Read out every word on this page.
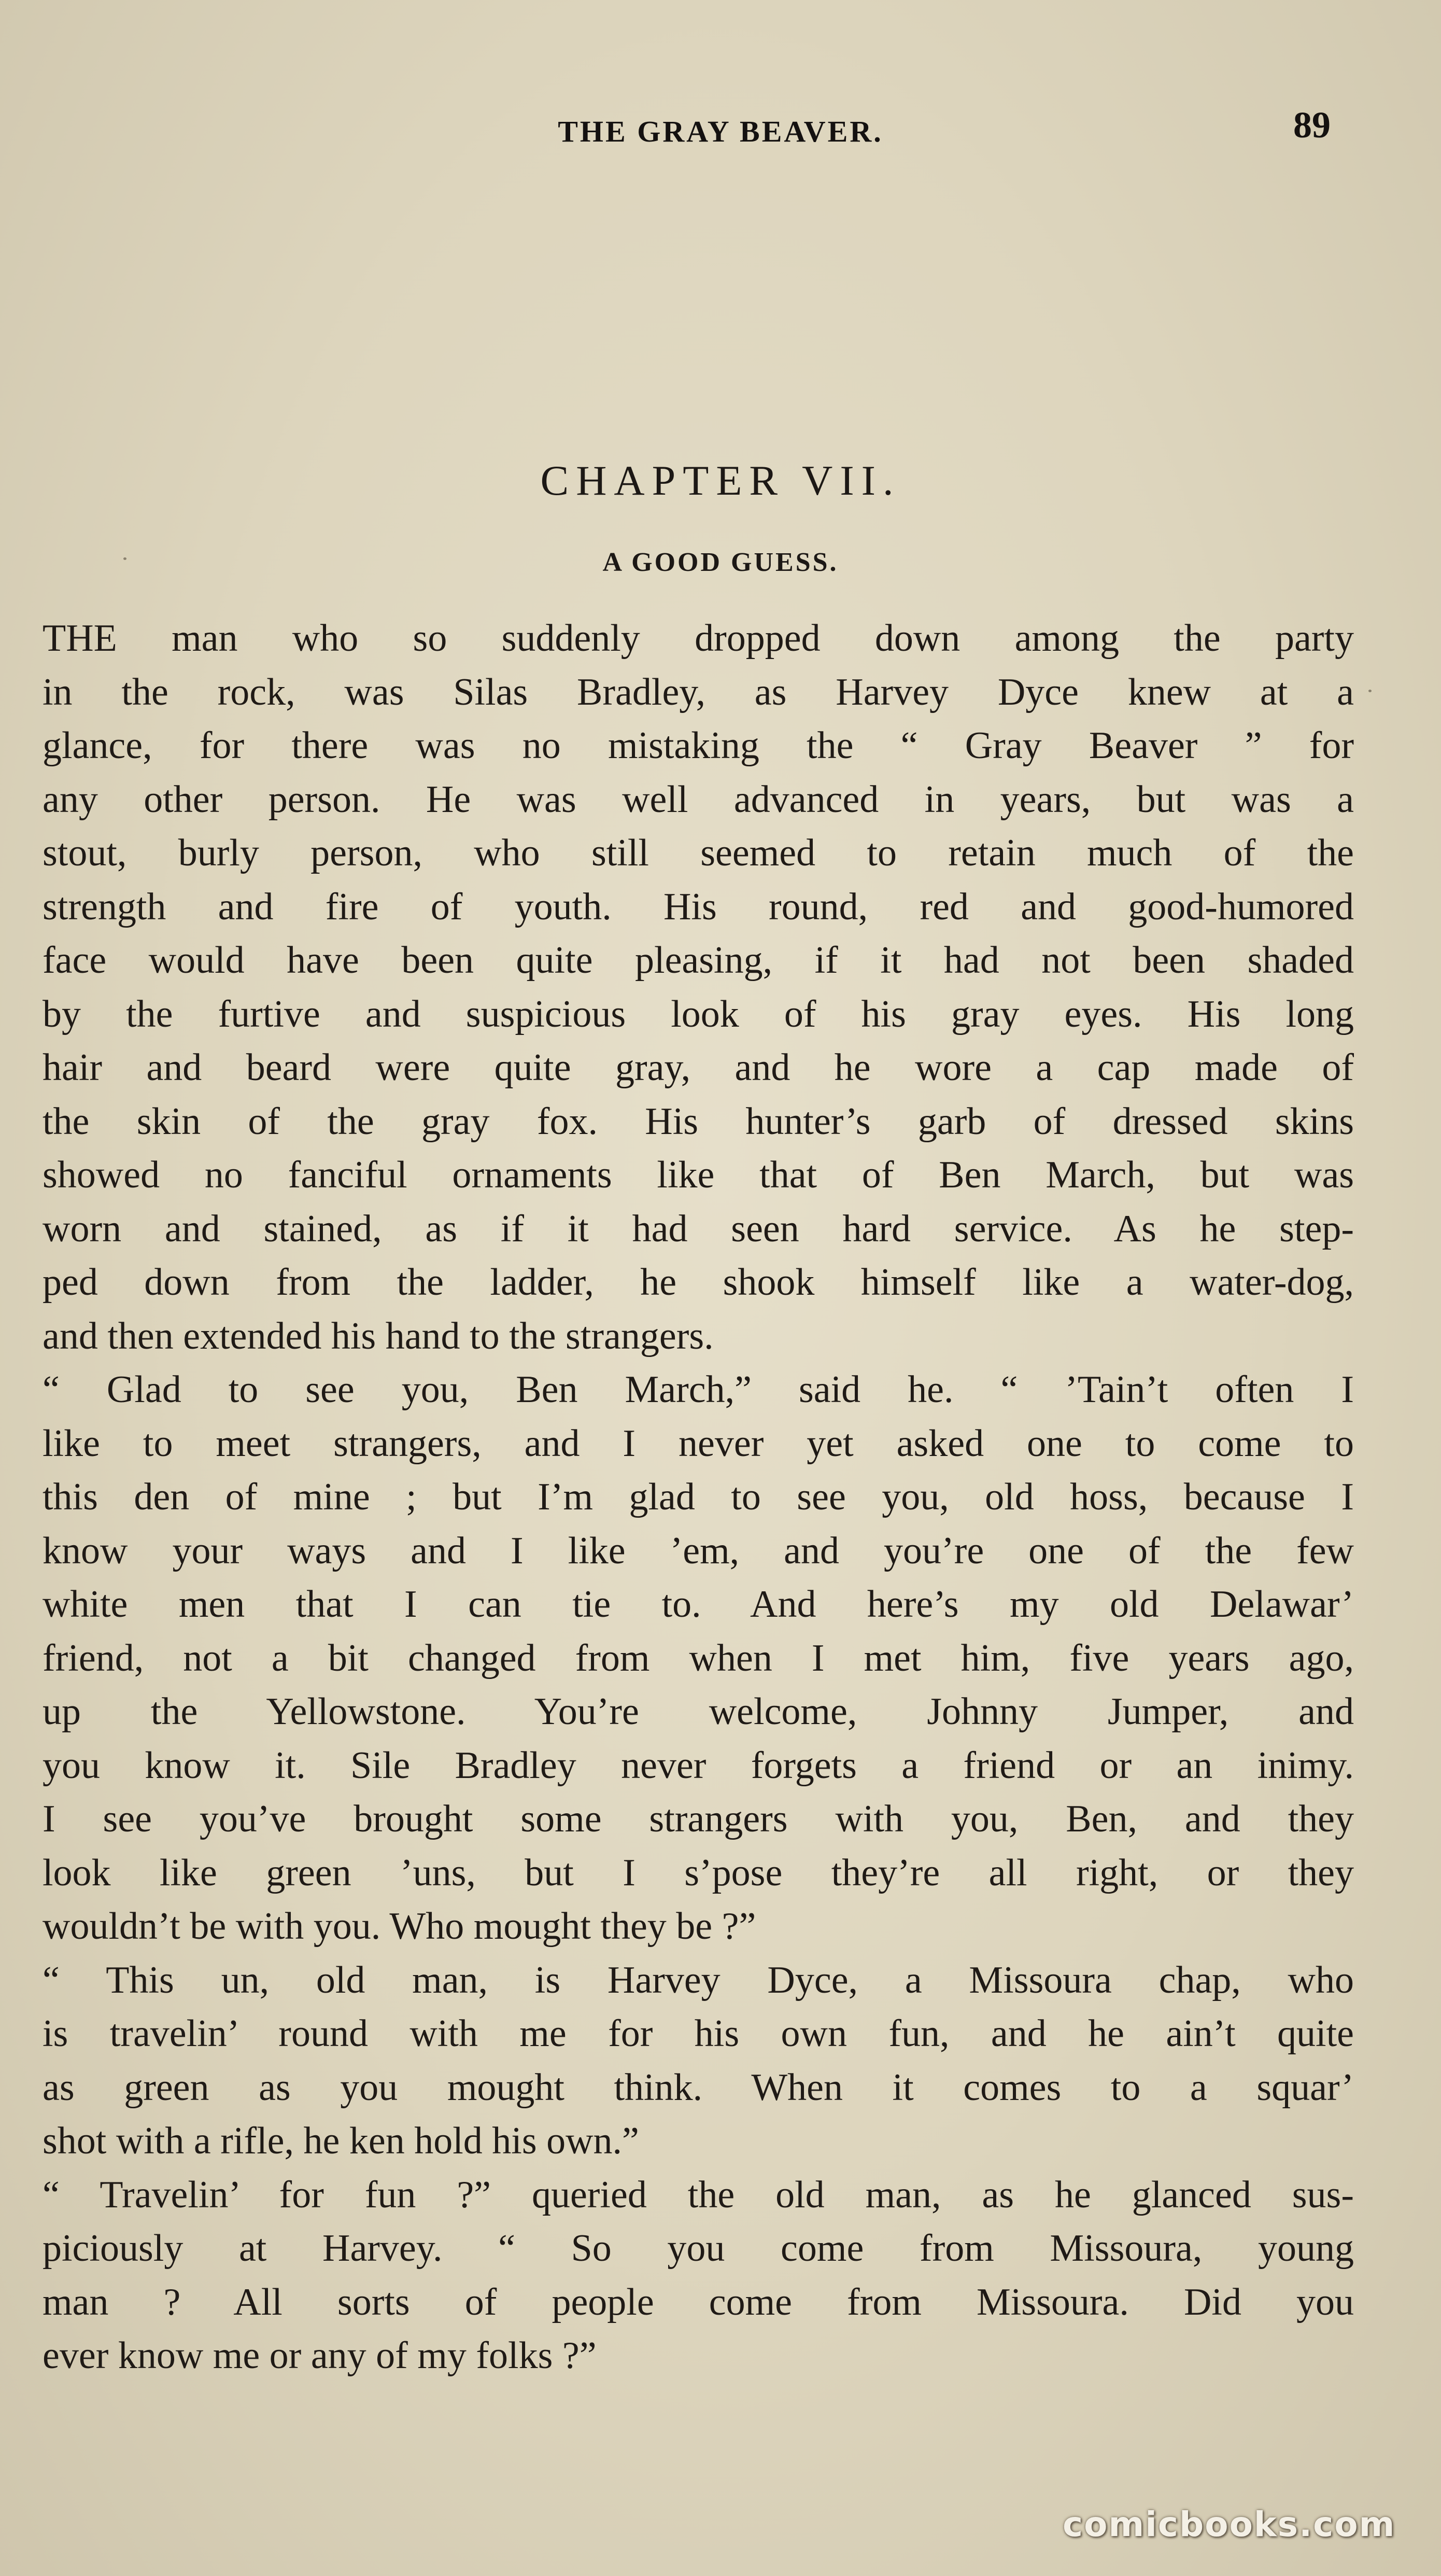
THE GRAY BEAVER.	89
CHAPTER VII.
A GOOD GUESS.
THE man who so suddenly dropped down among the party
in the rock, was Silas Bradley, as Harvey Dyce knew at a
glance, for there was no mistaking the “ Gray Beaver ” for
any other person. He was well advanced in years, but was a
stout, burly person, who still seemed to retain much of the
strength and fire of youth. His round, red and good-humored
face would have been quite pleasing, if it had not been shaded
by the furtive and suspicious look of his gray eyes. His long
hair and beard were quite gray, and he wore a cap made of
the skin of the gray fox. His hunter’s garb of dressed skins
showed no fanciful ornaments like that of Ben March, but was
worn and stained, as if it had seen hard service. As he step-
ped down from the ladder, he shook himself like a water-dog,
and then extended his hand to the strangers.
“ Glad to see you, Ben March,” said he. “ ’Tain’t often I
like to meet strangers, and I never yet asked one to come to
this den of mine ; but I’m glad to see you, old hoss, because I
know your ways and I like ’em, and you’re one of the few
white men that I can tie to. And here’s my old Delawar’
friend, not a bit changed from when I met him, five years ago,
up the Yellowstone. You’re welcome, Johnny Jumper, and
you know it. Sile Bradley never forgets a friend or an inimy.
I see you’ve brought some strangers with you, Ben, and they
look like green ’uns, but I s’pose they’re all right, or they
wouldn’t be with you. Who mought they be ?”
“ This un, old man, is Harvey Dyce, a Missoura chap, who
is travelin’ round with me for his own fun, and he ain’t quite
as green as you mought think. When it comes to a squar’
shot with a rifle, he ken hold his own.”
“ Travelin’ for fun ?” queried the old man, as he glanced sus-
piciously at Harvey. “ So you come from Missoura, young
man ? All sorts of people come from Missoura. Did you
ever know me or any of my folks ?”
comicbooks.com
